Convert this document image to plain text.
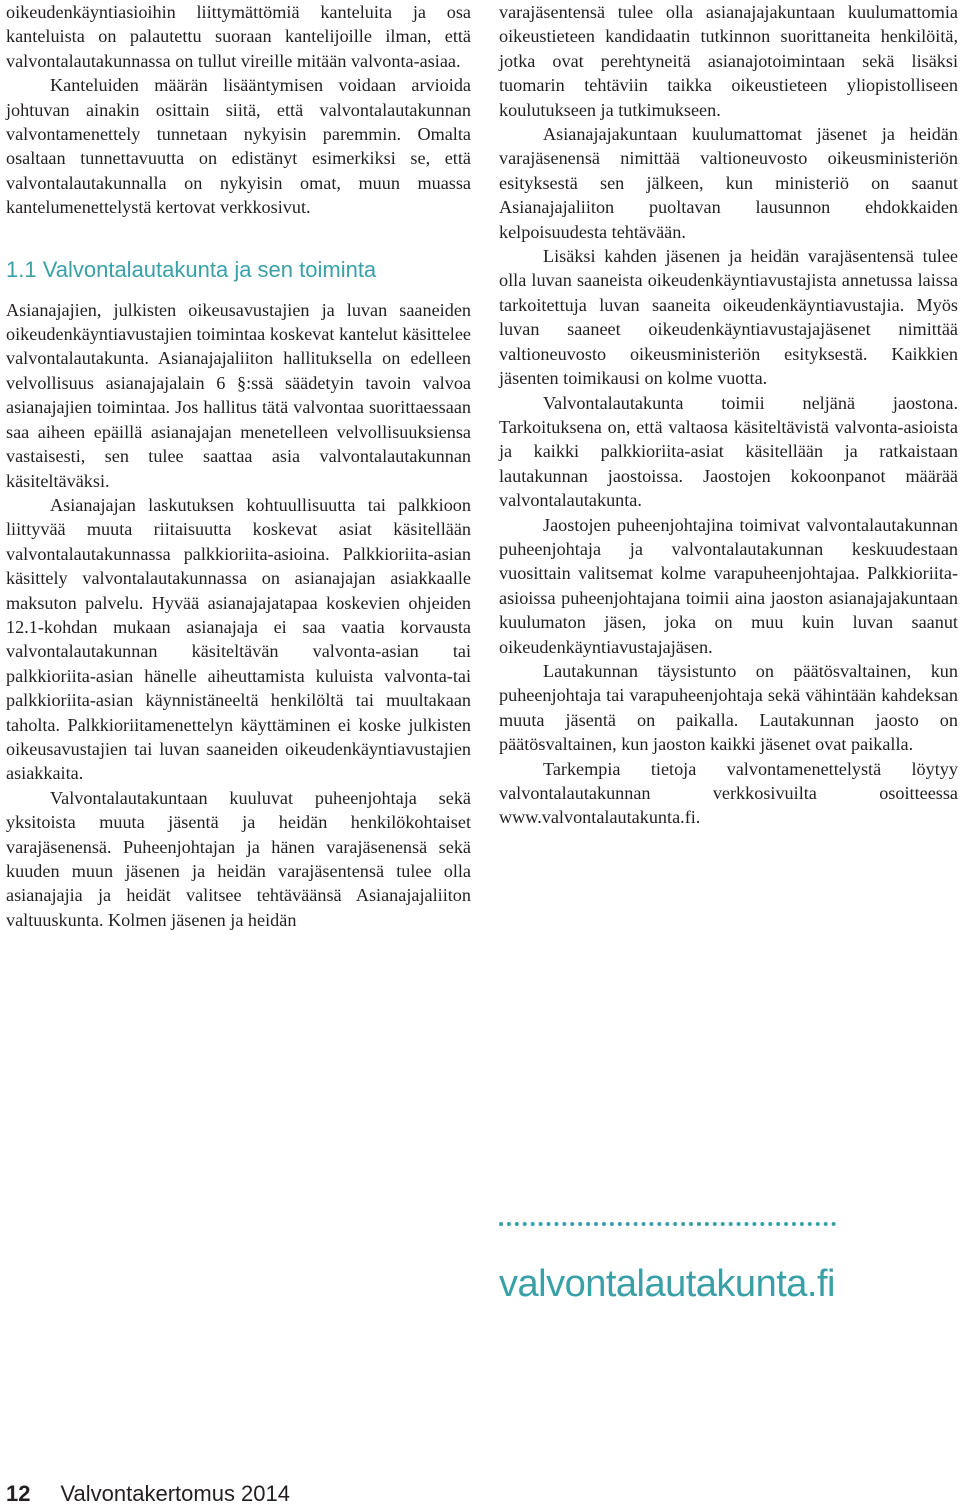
oikeudenkäyntiasioihin liittymättömiä kanteluita ja osa kanteluista on palautettu suoraan kantelijoille ilman, että valvontalautakunnassa on tullut vireille mitään valvonta-asiaa.

Kanteluiden määrän lisääntymisen voidaan arvioida johtuvan ainakin osittain siitä, että valvontalautakunnan valvontamenettely tunnetaan nykyisin paremmin. Omalta osaltaan tunnettavuutta on edistänyt esimerkiksi se, että valvontalautakunnalla on nykyisin omat, muun muassa kantelumenettelystä kertovat verkkosivut.

1.1 Valvontalautakunta ja sen toiminta

Asianajajien, julkisten oikeusavustajien ja luvan saaneiden oikeudenkäyntiavustajien toimintaa koskevat kantelut käsittelee valvontalautakunta. Asianajajaliiton hallituksella on edelleen velvollisuus asianajajalain 6 §:ssä säädetyin tavoin valvoa asianajajien toimintaa. Jos hallitus tätä valvontaa suorittaessaan saa aiheen epäillä asianajajan menetelleen velvollisuuksiensa vastaisesti, sen tulee saattaa asia valvontalautakunnan käsiteltäväksi.

Asianajajan laskutuksen kohtuullisuutta tai palkkioon liittyvää muuta riitaisuutta koskevat asiat käsitellään valvontalautakunnassa palkkioriita-asioina. Palkkioriita-asian käsittely valvontalautakunnassa on asianajajan asiakkaalle maksuton palvelu. Hyvää asianajajatapaa koskevien ohjeiden 12.1-kohdan mukaan asianajaja ei saa vaatia korvausta valvontalautakunnan käsiteltävän valvonta-asian tai palkkioriita-asian hänelle aiheuttamista kuluista valvonta-tai palkkioriita-asian käynnistäneeltä henkilöltä tai muultakaan taholta. Palkkioriitamenettelyn käyttäminen ei koske julkisten oikeusavustajien tai luvan saaneiden oikeudenkäyntiavustajien asiakkaita.

Valvontalautakuntaan kuuluvat puheenjohtaja sekä yksitoista muuta jäsentä ja heidän henkilökohtaiset varajäsenensä. Puheenjohtajan ja hänen varajäsenensä sekä kuuden muun jäsenen ja heidän varajäsentensä tulee olla asianajajia ja heidät valitsee tehtäväänsä Asianajajaliiton valtuuskunta. Kolmen jäsenen ja heidän

varajäsentensä tulee olla asianajajakuntaan kuulumattomia oikeustieteen kandidaatin tutkinnon suorittaneita henkilöitä, jotka ovat perehtyneitä asianajotoimintaan sekä lisäksi tuomarin tehtäviin taikka oikeustieteen yliopistolliseen koulutukseen ja tutkimukseen.

Asianajajakuntaan kuulumattomat jäsenet ja heidän varajäsenensä nimittää valtioneuvosto oikeusministeriön esityksestä sen jälkeen, kun ministeriö on saanut Asianajajaliiton puoltavan lausunnon ehdokkaiden kelpoisuudesta tehtävään.

Lisäksi kahden jäsenen ja heidän varajäsentensä tulee olla luvan saaneista oikeudenkäyntiavustajista annetussa laissa tarkoitettuja luvan saaneita oikeudenkäyntiavustajia. Myös luvan saaneet oikeudenkäyntiavustajajäsenet nimittää valtioneuvosto oikeusministeriön esityksestä. Kaikkien jäsenten toimikausi on kolme vuotta.

Valvontalautakunta toimii neljänä jaostona. Tarkoituksena on, että valtaosa käsiteltävistä valvonta-asioista ja kaikki palkkioriita-asiat käsitellään ja ratkaistaan lautakunnan jaostoissa. Jaostojen kokoonpanot määrää valvontalautakunta.

Jaostojen puheenjohtajina toimivat valvontalautakunnan puheenjohtaja ja valvontalautakunnan keskuudestaan vuosittain valitsemat kolme varapuheenjohtajaa. Palkkioriita-asioissa puheenjohtajana toimii aina jaoston asianajajakuntaan kuulumaton jäsen, joka on muu kuin luvan saanut oikeudenkäyntiavustajajäsen.

Lautakunnan täysistunto on päätösvaltainen, kun puheenjohtaja tai varapuheenjohtaja sekä vähintään kahdeksan muuta jäsentä on paikalla. Lautakunnan jaosto on päätösvaltainen, kun jaoston kaikki jäsenet ovat paikalla.

Tarkempia tietoja valvontamenettelystä löytyy valvontalautakunnan verkkosivuilta osoitteessa www.valvontalautakunta.fi.

valvontalautakunta.fi
12 Valvontakertomus 2014
